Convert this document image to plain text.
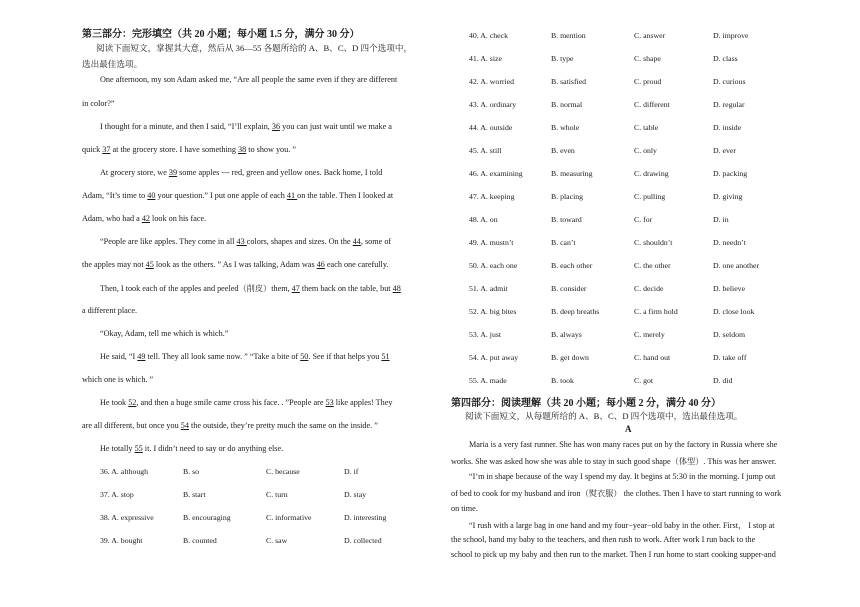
第三部分：完形填空（共 20 小题；每小题 1.5 分，满分 30 分）
阅读下面短文，掌握其大意，然后从 36—55 各题所给的 A、B、C、D 四个选项中，
选出最佳选项。
One afternoon, my son Adam asked me, “Are all people the same even if they are different
in color?”
I thought for a minute, and then I said, “I’ll explain, 36 you can just wait until we make a
quick 37 at the grocery store. I have something 38 to show you. ”
At grocery store, we 39 some apples --- red, green and yellow ones. Back home, I told
Adam, “It’s time to 40 your question.” I put one apple of each 41 on the table. Then I looked at
Adam, who had a 42 look on his face.
“People are like apples. They come in all 43 colors, shapes and sizes. On the 44, some of
the apples may not 45 look as the others. ” As I was talking, Adam was 46 each one carefully.
Then, I took each of the apples and peeled（削皮）them, 47 them back on the table, but 48
a different place.
“Okay, Adam, tell me which is which.”
He said, “I 49 tell. They all look same now. ” “Take a bite of 50. See if that helps you 51
which one is which. ”
He took 52, and then a huge smile came cross his face. . ”People are 53 like apples! They
are all different, but once you 54 the outside, they’re pretty much the same on the inside. ”
He totally 55 it. I didn’t need to say or do anything else.
36. A. although	B. so	C. because	D. if
37. A. stop	B. start	C. turn	D. stay
38. A. expressive	B. encouraging	C. informative	D. interesting
39. A. bought	B. counted	C. saw	D. collected
40. A. check	B. mention	C. answer	D. improve
41. A. size	B. type	C. shape	D. class
42. A. worried	B. satisfied	C. proud	D. curious
43. A. ordinary	B. normal	C. different	D. regular
44. A. outside	B. whole	C. table	D. inside
45. A. still	B. even	C. only	D. ever
46. A. examining	B. measuring	C. drawing	D. packing
47. A. keeping	B. placing	C. pulling	D. giving
48. A. on	B. toward	C. for	D. in
49. A. mustn’t	B. can’t	C. shouldn’t	D. needn’t
50. A. each one	B. each other	C. the other	D. one another
51. A. admit	B. consider	C. decide	D. believe
52. A. big bites	B. deep breaths	C. a firm hold	D. close look
53. A. just	B. always	C. merely	D. seldom
54. A. put away	B. get down	C. hand out	D. take off
55. A. made	B. took	C. got	D. did
第四部分：阅读理解（共 20 小题；每小题 2 分，满分 40 分）
阅读下面短文，从每题所给的 A、B、C、D 四个选项中，选出最佳选项。
A
Maria is a very fast runner. She has won many races put on by the factory in Russia where she
works. She was asked how she was able to stay in such good shape（体型）. This was her answer.
“I’m in shape because of the way I spend my day. It begins at 5:30 in the morning. I jump out
of bed to cook for my husband and iron（熨衣服） the clothes. Then I have to start running to work
on time.
“I rush with a large bag in one hand and my four−year−old baby in the other. First， I stop at
the school, hand my baby to the teachers, and then rush to work. After work I run back to the
school to pick up my baby and then run to the market. Then I run home to start cooking supper-and
